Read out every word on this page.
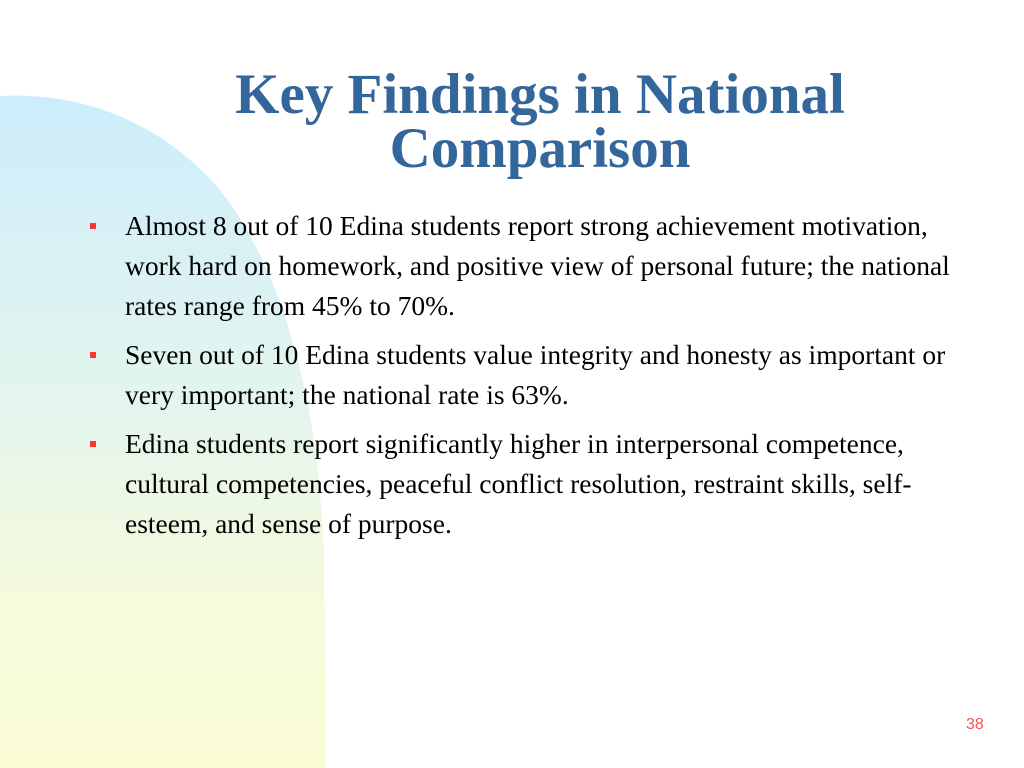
Key Findings in National
Comparison
Almost 8 out of 10 Edina students report strong achievement motivation, work hard on homework, and positive view of personal future; the national rates range from 45% to 70%.
Seven out of 10 Edina students value integrity and honesty as important or very important; the national rate is 63%.
Edina students report significantly higher in interpersonal competence, cultural competencies, peaceful conflict resolution, restraint skills, self-esteem, and sense of purpose.
38
